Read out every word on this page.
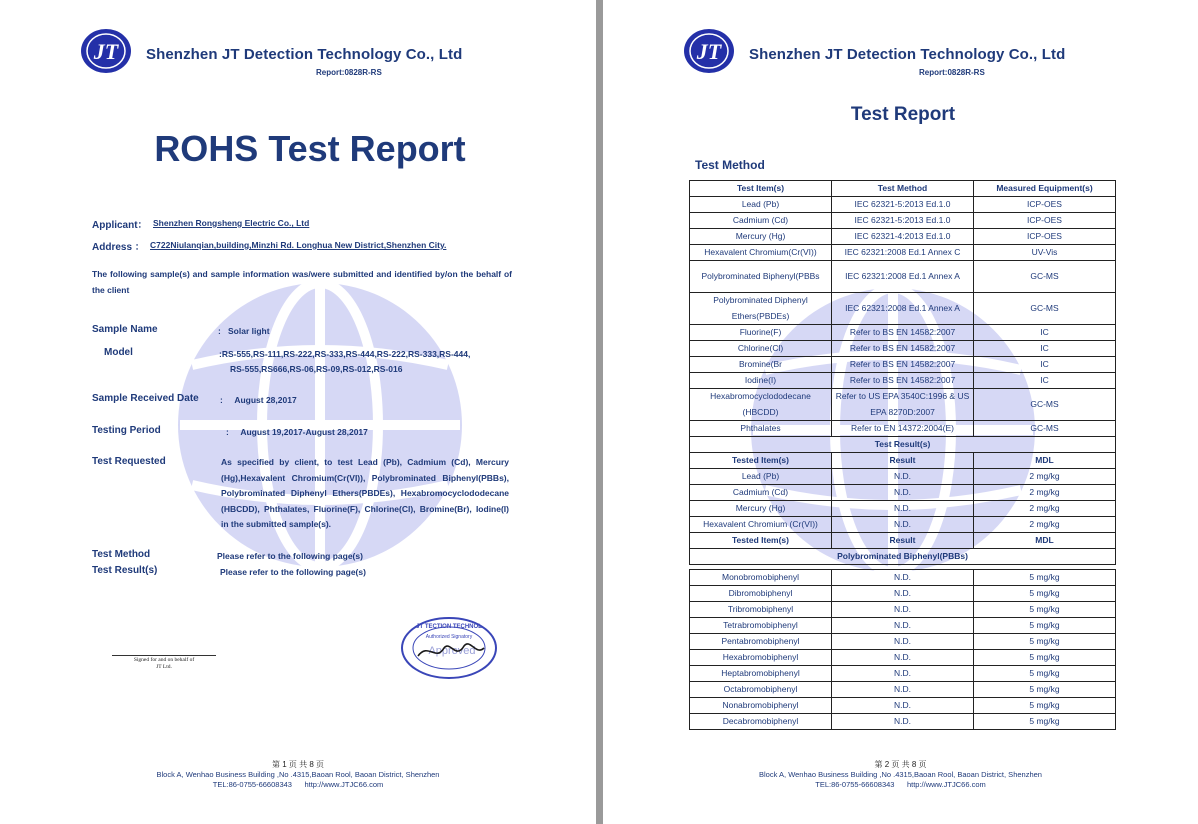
JT Shenzhen JT Detection Technology Co., Ltd
Report:0828R-RS
ROHS Test Report
Applicant： Shenzhen Rongsheng Electric Co., Ltd
Address ： C722Niulanqian,building,Minzhi Rd. Longhua New District,Shenzhen City.
The following sample(s) and sample information was/were submitted and identified by/on the behalf of the client
Sample Name	: Solar light
Model	:RS-555,RS-111,RS-222,RS-333,RS-444,RS-222,RS-333,RS-444,
RS-555,RS666,RS-06,RS-09,RS-012,RS-016
Sample Received Date	:     August 28,2017
Testing Period	:     August 19,2017-August 28,2017
Test Requested	As specified by client, to test Lead (Pb), Cadmium (Cd), Mercury (Hg),Hexavalent Chromium(Cr(VI)), Polybrominated Biphenyl(PBBs), Polybrominated Diphenyl Ethers(PBDEs), Hexabromocyclododecane (HBCDD), Phthalates, Fluorine(F), Chlorine(Cl), Bromine(Br), Iodine(I) in the submitted sample(s).
Test Method	Please refer to the following page(s)
Test Result(s)	Please refer to the following page(s)
Signed for and on behalf of
JT Ltd.
JT TECTION TECHNOL
Authorized Signatory
Approved
第 1 页 共 8 页
Block A, Wenhao Business Building ,No .4315,Baoan Rool, Baoan District, Shenzhen
TEL:86-0755-66608343      http://www.JTJC66.com
JT Shenzhen JT Detection Technology Co., Ltd
Report:0828R-RS
Test Report
Test Method
Test Item(s)	Test Method	Measured Equipment(s)
Lead (Pb)	IEC 62321-5:2013 Ed.1.0	ICP-OES
Cadmium (Cd)	IEC 62321-5:2013 Ed.1.0	ICP-OES
Mercury (Hg)	IEC 62321-4:2013 Ed.1.0	ICP-OES
Hexavalent Chromium(Cr(VI))	IEC 62321:2008 Ed.1 Annex C	UV-Vis
Polybrominated Biphenyl(PBBs	IEC 62321:2008 Ed.1 Annex A	GC-MS
Polybrominated Diphenyl Ethers(PBDEs)	IEC 62321:2008 Ed.1 Annex A	GC-MS
Fluorine(F)	Refer to BS EN 14582:2007	IC
Chlorine(Cl)	Refer to BS EN 14582:2007	IC
Bromine(Br	Refer to BS EN 14582:2007	IC
Iodine(I)	Refer to BS EN 14582:2007	IC
Hexabromocyclododecane (HBCDD)	Refer to US EPA 3540C:1996 & US EPA 8270D:2007	GC-MS
Phthalates	Refer to EN 14372:2004(E)	GC-MS
Test Result(s)		
Tested Item(s)	Result	MDL
Lead (Pb)	N.D.	2 mg/kg
Cadmium (Cd)	N.D.	2 mg/kg
Mercury (Hg)	N.D.	2 mg/kg
Hexavalent Chromium (Cr(VI))	N.D.	2 mg/kg
Tested Item(s)	Result	MDL
Polybrominated Biphenyl(PBBs)		

Monobromobiphenyl	N.D.	5 mg/kg
Dibromobiphenyl	N.D.	5 mg/kg
Tribromobiphenyl	N.D.	5 mg/kg
Tetrabromobiphenyl	N.D.	5 mg/kg
Pentabromobiphenyl	N.D.	5 mg/kg
Hexabromobiphenyl	N.D.	5 mg/kg
Heptabromobiphenyl	N.D.	5 mg/kg
Octabromobiphenyl	N.D.	5 mg/kg
Nonabromobiphenyl	N.D.	5 mg/kg
Decabromobiphenyl	N.D.	5 mg/kg
第 2 页 共 8 页
Block A, Wenhao Business Building ,No .4315,Baoan Rool, Baoan District, Shenzhen
TEL:86-0755-66608343      http://www.JTJC66.com
